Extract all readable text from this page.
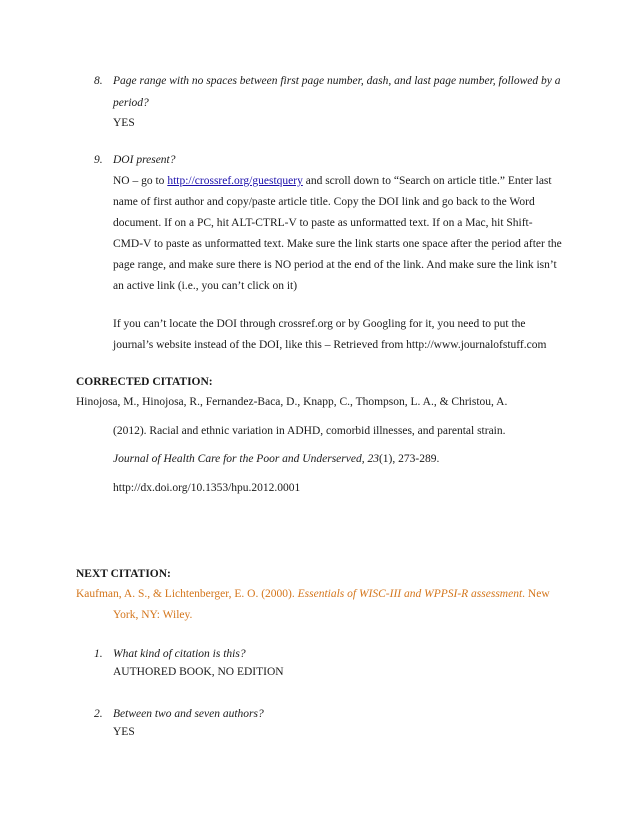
8. Page range with no spaces between first page number, dash, and last page number, followed by a
period?
YES
9. DOI present?
NO – go to http://crossref.org/guestquery and scroll down to “Search on article title.” Enter last
name of first author and copy/paste article title. Copy the DOI link and go back to the Word
document. If on a PC, hit ALT-CTRL-V to paste as unformatted text. If on a Mac, hit Shift-
CMD-V to paste as unformatted text. Make sure the link starts one space after the period after the
page range, and make sure there is NO period at the end of the link. And make sure the link isn’t
an active link (i.e., you can’t click on it)
If you can’t locate the DOI through crossref.org or by Googling for it, you need to put the
journal’s website instead of the DOI, like this – Retrieved from http://www.journalofstuff.com
CORRECTED CITATION:
Hinojosa, M., Hinojosa, R., Fernandez-Baca, D., Knapp, C., Thompson, L. A., & Christou, A.
(2012). Racial and ethnic variation in ADHD, comorbid illnesses, and parental strain.
Journal of Health Care for the Poor and Underserved, 23(1), 273-289.
http://dx.doi.org/10.1353/hpu.2012.0001
NEXT CITATION:
Kaufman, A. S., & Lichtenberger, E. O. (2000). Essentials of WISC-III and WPPSI-R assessment. New
York, NY: Wiley.
1. What kind of citation is this?
AUTHORED BOOK, NO EDITION
2. Between two and seven authors?
YES
